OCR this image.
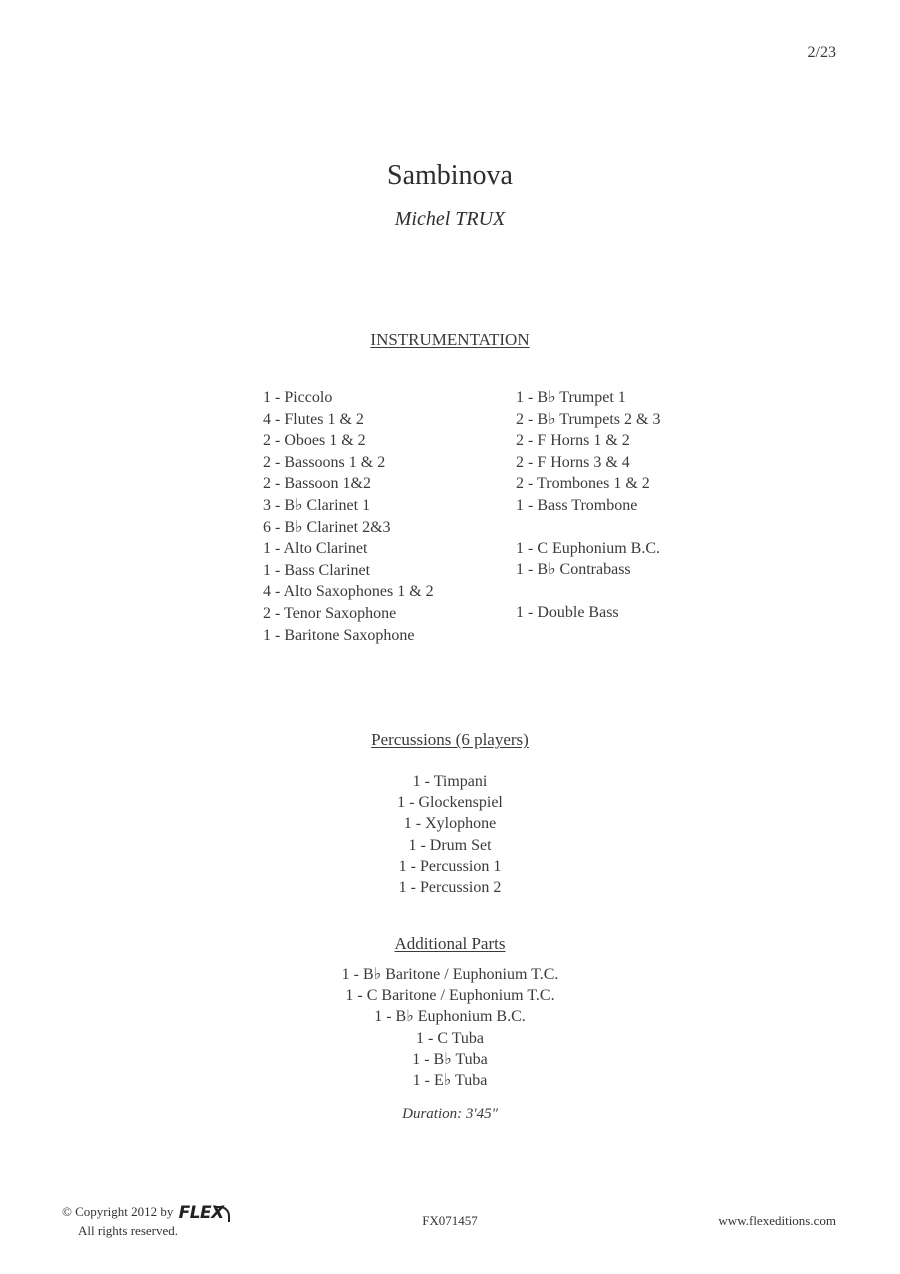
2/23
Sambinova
Michel TRUX
INSTRUMENTATION
1 - Piccolo
4 - Flutes 1 & 2
2 - Oboes 1 & 2
2 - Bassoons 1 & 2
2 - Bassoon 1&2
3 - B♭ Clarinet 1
6 - B♭ Clarinet 2&3
1 - Alto Clarinet
1 - Bass Clarinet
4 - Alto Saxophones 1 & 2
2 - Tenor Saxophone
1 - Baritone Saxophone
1 - B♭ Trumpet 1
2 - B♭ Trumpets 2 & 3
2 - F Horns 1 & 2
2 - F Horns 3 & 4
2 - Trombones 1 & 2
1 - Bass Trombone
1 - C Euphonium B.C.
1 - B♭ Contrabass
1 - Double Bass
Percussions (6 players)
1 - Timpani
1 - Glockenspiel
1 - Xylophone
1 - Drum Set
1 - Percussion 1
1 - Percussion 2
Additional Parts
1 - B♭ Baritone / Euphonium T.C.
1 - C Baritone / Euphonium T.C.
1 - B♭ Euphonium B.C.
1 - C Tuba
1 - B♭ Tuba
1 - E♭ Tuba
Duration: 3'45"
© Copyright 2012 by FLEX
All rights reserved.
FX071457	www.flexeditions.com
